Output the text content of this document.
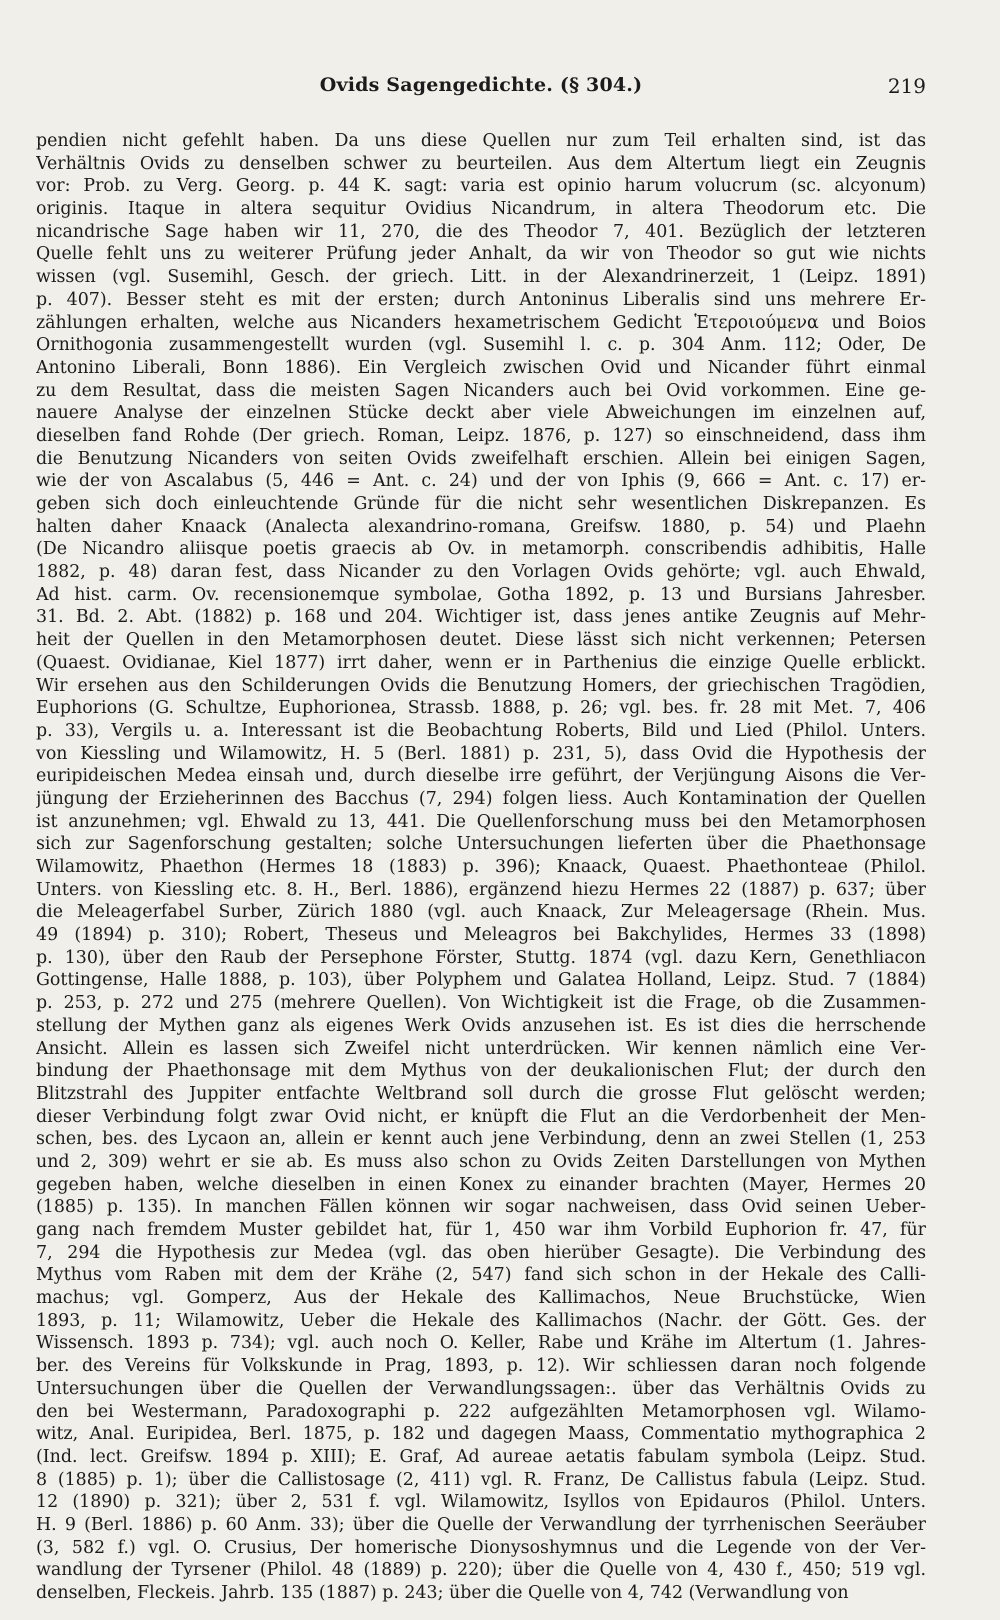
Ovids Sagengedichte. (§ 304.)	219
pendien nicht gefehlt haben. Da uns diese Quellen nur zum Teil erhalten sind, ist das
Verhältnis Ovids zu denselben schwer zu beurteilen. Aus dem Altertum liegt ein Zeugnis
vor: Prob. zu Verg. Georg. p. 44 K. sagt: varia est opinio harum volucrum (sc. alcyonum)
originis. Itaque in altera sequitur Ovidius Nicandrum, in altera Theodorum etc. Die
nicandrische Sage haben wir 11, 270, die des Theodor 7, 401. Bezüglich der letzteren
Quelle fehlt uns zu weiterer Prüfung jeder Anhalt, da wir von Theodor so gut wie nichts
wissen (vgl. Susemihl, Gesch. der griech. Litt. in der Alexandrinerzeit, 1 (Leipz. 1891)
p. 407). Besser steht es mit der ersten; durch Antoninus Liberalis sind uns mehrere Er-
zählungen erhalten, welche aus Nicanders hexametrischem Gedicht Ἑτεροιούμενα und Boios
Ornithogonia zusammengestellt wurden (vgl. Susemihl l. c. p. 304 Anm. 112; Oder, De
Antonino Liberali, Bonn 1886). Ein Vergleich zwischen Ovid und Nicander führt einmal
zu dem Resultat, dass die meisten Sagen Nicanders auch bei Ovid vorkommen. Eine ge-
nauere Analyse der einzelnen Stücke deckt aber viele Abweichungen im einzelnen auf,
dieselben fand Rohde (Der griech. Roman, Leipz. 1876, p. 127) so einschneidend, dass ihm
die Benutzung Nicanders von seiten Ovids zweifelhaft erschien. Allein bei einigen Sagen,
wie der von Ascalabus (5, 446 = Ant. c. 24) und der von Iphis (9, 666 = Ant. c. 17) er-
geben sich doch einleuchtende Gründe für die nicht sehr wesentlichen Diskrepanzen. Es
halten daher Knaack (Analecta alexandrino-romana, Greifsw. 1880, p. 54) und Plaehn
(De Nicandro aliisque poetis graecis ab Ov. in metamorph. conscribendis adhibitis, Halle
1882, p. 48) daran fest, dass Nicander zu den Vorlagen Ovids gehörte; vgl. auch Ehwald,
Ad hist. carm. Ov. recensionemque symbolae, Gotha 1892, p. 13 und Bursians Jahresber.
31. Bd. 2. Abt. (1882) p. 168 und 204. Wichtiger ist, dass jenes antike Zeugnis auf Mehr-
heit der Quellen in den Metamorphosen deutet. Diese lässt sich nicht verkennen; Petersen
(Quaest. Ovidianae, Kiel 1877) irrt daher, wenn er in Parthenius die einzige Quelle erblickt.
Wir ersehen aus den Schilderungen Ovids die Benutzung Homers, der griechischen Tragödien,
Euphorions (G. Schultze, Euphorionea, Strassb. 1888, p. 26; vgl. bes. fr. 28 mit Met. 7, 406
p. 33), Vergils u. a. Interessant ist die Beobachtung Roberts, Bild und Lied (Philol. Unters.
von Kiessling und Wilamowitz, H. 5 (Berl. 1881) p. 231, 5), dass Ovid die Hypothesis der
euripideischen Medea einsah und, durch dieselbe irre geführt, der Verjüngung Aisons die Ver-
jüngung der Erzieherinnen des Bacchus (7, 294) folgen liess. Auch Kontamination der Quellen
ist anzunehmen; vgl. Ehwald zu 13, 441. Die Quellenforschung muss bei den Metamorphosen
sich zur Sagenforschung gestalten; solche Untersuchungen lieferten über die Phaethonsage
Wilamowitz, Phaethon (Hermes 18 (1883) p. 396); Knaack, Quaest. Phaethonteae (Philol.
Unters. von Kiessling etc. 8. H., Berl. 1886), ergänzend hiezu Hermes 22 (1887) p. 637; über
die Meleagerfabel Surber, Zürich 1880 (vgl. auch Knaack, Zur Meleagersage (Rhein. Mus.
49 (1894) p. 310); Robert, Theseus und Meleagros bei Bakchylides, Hermes 33 (1898)
p. 130), über den Raub der Persephone Förster, Stuttg. 1874 (vgl. dazu Kern, Genethliacon
Gottingense, Halle 1888, p. 103), über Polyphem und Galatea Holland, Leipz. Stud. 7 (1884)
p. 253, p. 272 und 275 (mehrere Quellen). Von Wichtigkeit ist die Frage, ob die Zusammen-
stellung der Mythen ganz als eigenes Werk Ovids anzusehen ist. Es ist dies die herrschende
Ansicht. Allein es lassen sich Zweifel nicht unterdrücken. Wir kennen nämlich eine Ver-
bindung der Phaethonsage mit dem Mythus von der deukalionischen Flut; der durch den
Blitzstrahl des Juppiter entfachte Weltbrand soll durch die grosse Flut gelöscht werden;
dieser Verbindung folgt zwar Ovid nicht, er knüpft die Flut an die Verdorbenheit der Men-
schen, bes. des Lycaon an, allein er kennt auch jene Verbindung, denn an zwei Stellen (1, 253
und 2, 309) wehrt er sie ab. Es muss also schon zu Ovids Zeiten Darstellungen von Mythen
gegeben haben, welche dieselben in einen Konex zu einander brachten (Mayer, Hermes 20
(1885) p. 135). In manchen Fällen können wir sogar nachweisen, dass Ovid seinen Ueber-
gang nach fremdem Muster gebildet hat, für 1, 450 war ihm Vorbild Euphorion fr. 47, für
7, 294 die Hypothesis zur Medea (vgl. das oben hierüber Gesagte). Die Verbindung des
Mythus vom Raben mit dem der Krähe (2, 547) fand sich schon in der Hekale des Calli-
machus; vgl. Gomperz, Aus der Hekale des Kallimachos, Neue Bruchstücke, Wien
1893, p. 11; Wilamowitz, Ueber die Hekale des Kallimachos (Nachr. der Gött. Ges. der
Wissensch. 1893 p. 734); vgl. auch noch O. Keller, Rabe und Krähe im Altertum (1. Jahres-
ber. des Vereins für Volkskunde in Prag, 1893, p. 12). Wir schliessen daran noch folgende
Untersuchungen über die Quellen der Verwandlungssagen:. über das Verhältnis Ovids zu
den bei Westermann, Paradoxographi p. 222 aufgezählten Metamorphosen vgl. Wilamo-
witz, Anal. Euripidea, Berl. 1875, p. 182 und dagegen Maass, Commentatio mythographica 2
(Ind. lect. Greifsw. 1894 p. XIII); E. Graf, Ad aureae aetatis fabulam symbola (Leipz. Stud.
8 (1885) p. 1); über die Callistosage (2, 411) vgl. R. Franz, De Callistus fabula (Leipz. Stud.
12 (1890) p. 321); über 2, 531 f. vgl. Wilamowitz, Isyllos von Epidauros (Philol. Unters.
H. 9 (Berl. 1886) p. 60 Anm. 33); über die Quelle der Verwandlung der tyrrhenischen Seeräuber
(3, 582 f.) vgl. O. Crusius, Der homerische Dionysoshymnus und die Legende von der Ver-
wandlung der Tyrsener (Philol. 48 (1889) p. 220); über die Quelle von 4, 430 f., 450; 519 vgl.
denselben, Fleckeis. Jahrb. 135 (1887) p. 243; über die Quelle von 4, 742 (Verwandlung von
